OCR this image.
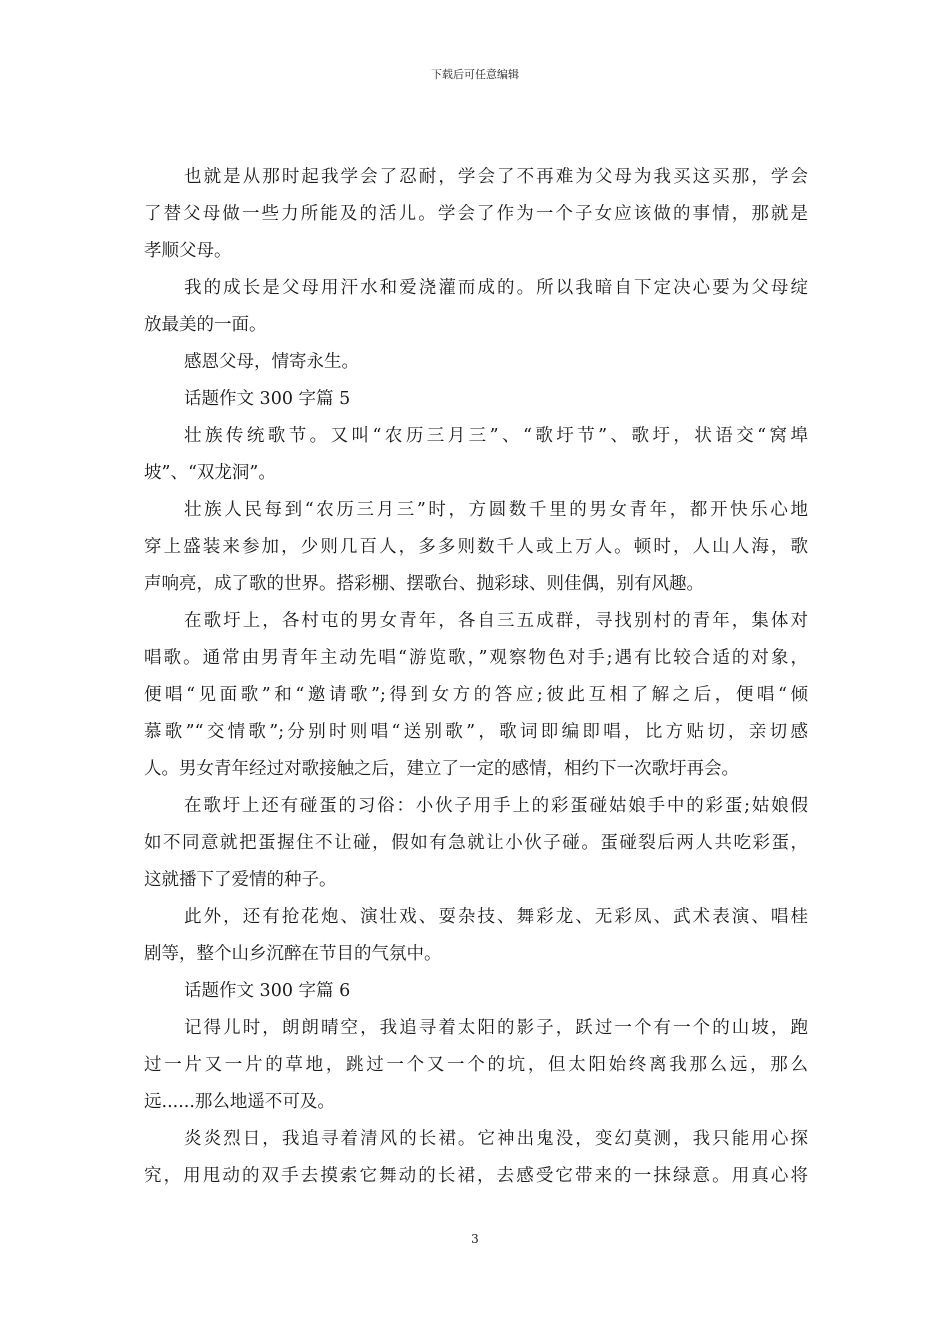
下载后可任意编辑
也就是从那时起我学会了忍耐，学会了不再难为父母为我买这买那，学会
了替父母做一些力所能及的活儿。学会了作为一个子女应该做的事情，那就是
孝顺父母。
我的成长是父母用汗水和爱浇灌而成的。所以我暗自下定决心要为父母绽
放最美的一面。
感恩父母，情寄永生。
话题作文 300 字篇 5
壮族传统歌节。又叫“农历三月三”、“歌圩节”、歌圩，状语交“窝埠
坡”、“双龙洞”。
壮族人民每到“农历三月三”时，方圆数千里的男女青年，都开快乐心地
穿上盛装来参加，少则几百人，多多则数千人或上万人。顿时，人山人海，歌
声响亮，成了歌的世界。搭彩棚、摆歌台、抛彩球、则佳偶，别有风趣。
在歌圩上，各村屯的男女青年，各自三五成群，寻找别村的青年，集体对
唱歌。通常由男青年主动先唱“游览歌，”观察物色对手;遇有比较合适的对象，
便唱“见面歌”和“邀请歌”;得到女方的答应;彼此互相了解之后，便唱“倾
慕歌”“交情歌”;分别时则唱“送别歌”，歌词即编即唱，比方贴切，亲切感
人。男女青年经过对歌接触之后，建立了一定的感情，相约下一次歌圩再会。
在歌圩上还有碰蛋的习俗：小伙子用手上的彩蛋碰姑娘手中的彩蛋;姑娘假
如不同意就把蛋握住不让碰，假如有急就让小伙子碰。蛋碰裂后两人共吃彩蛋，
这就播下了爱情的种子。
此外，还有抢花炮、演壮戏、耍杂技、舞彩龙、无彩凤、武术表演、唱桂
剧等，整个山乡沉醉在节目的气氛中。
话题作文 300 字篇 6
记得儿时，朗朗晴空，我追寻着太阳的影子，跃过一个有一个的山坡，跑
过一片又一片的草地，跳过一个又一个的坑，但太阳始终离我那么远，那么
远......那么地遥不可及。
炎炎烈日，我追寻着清风的长裙。它神出鬼没，变幻莫测，我只能用心探
究，用甩动的双手去摸索它舞动的长裙，去感受它带来的一抹绿意。用真心将
3
